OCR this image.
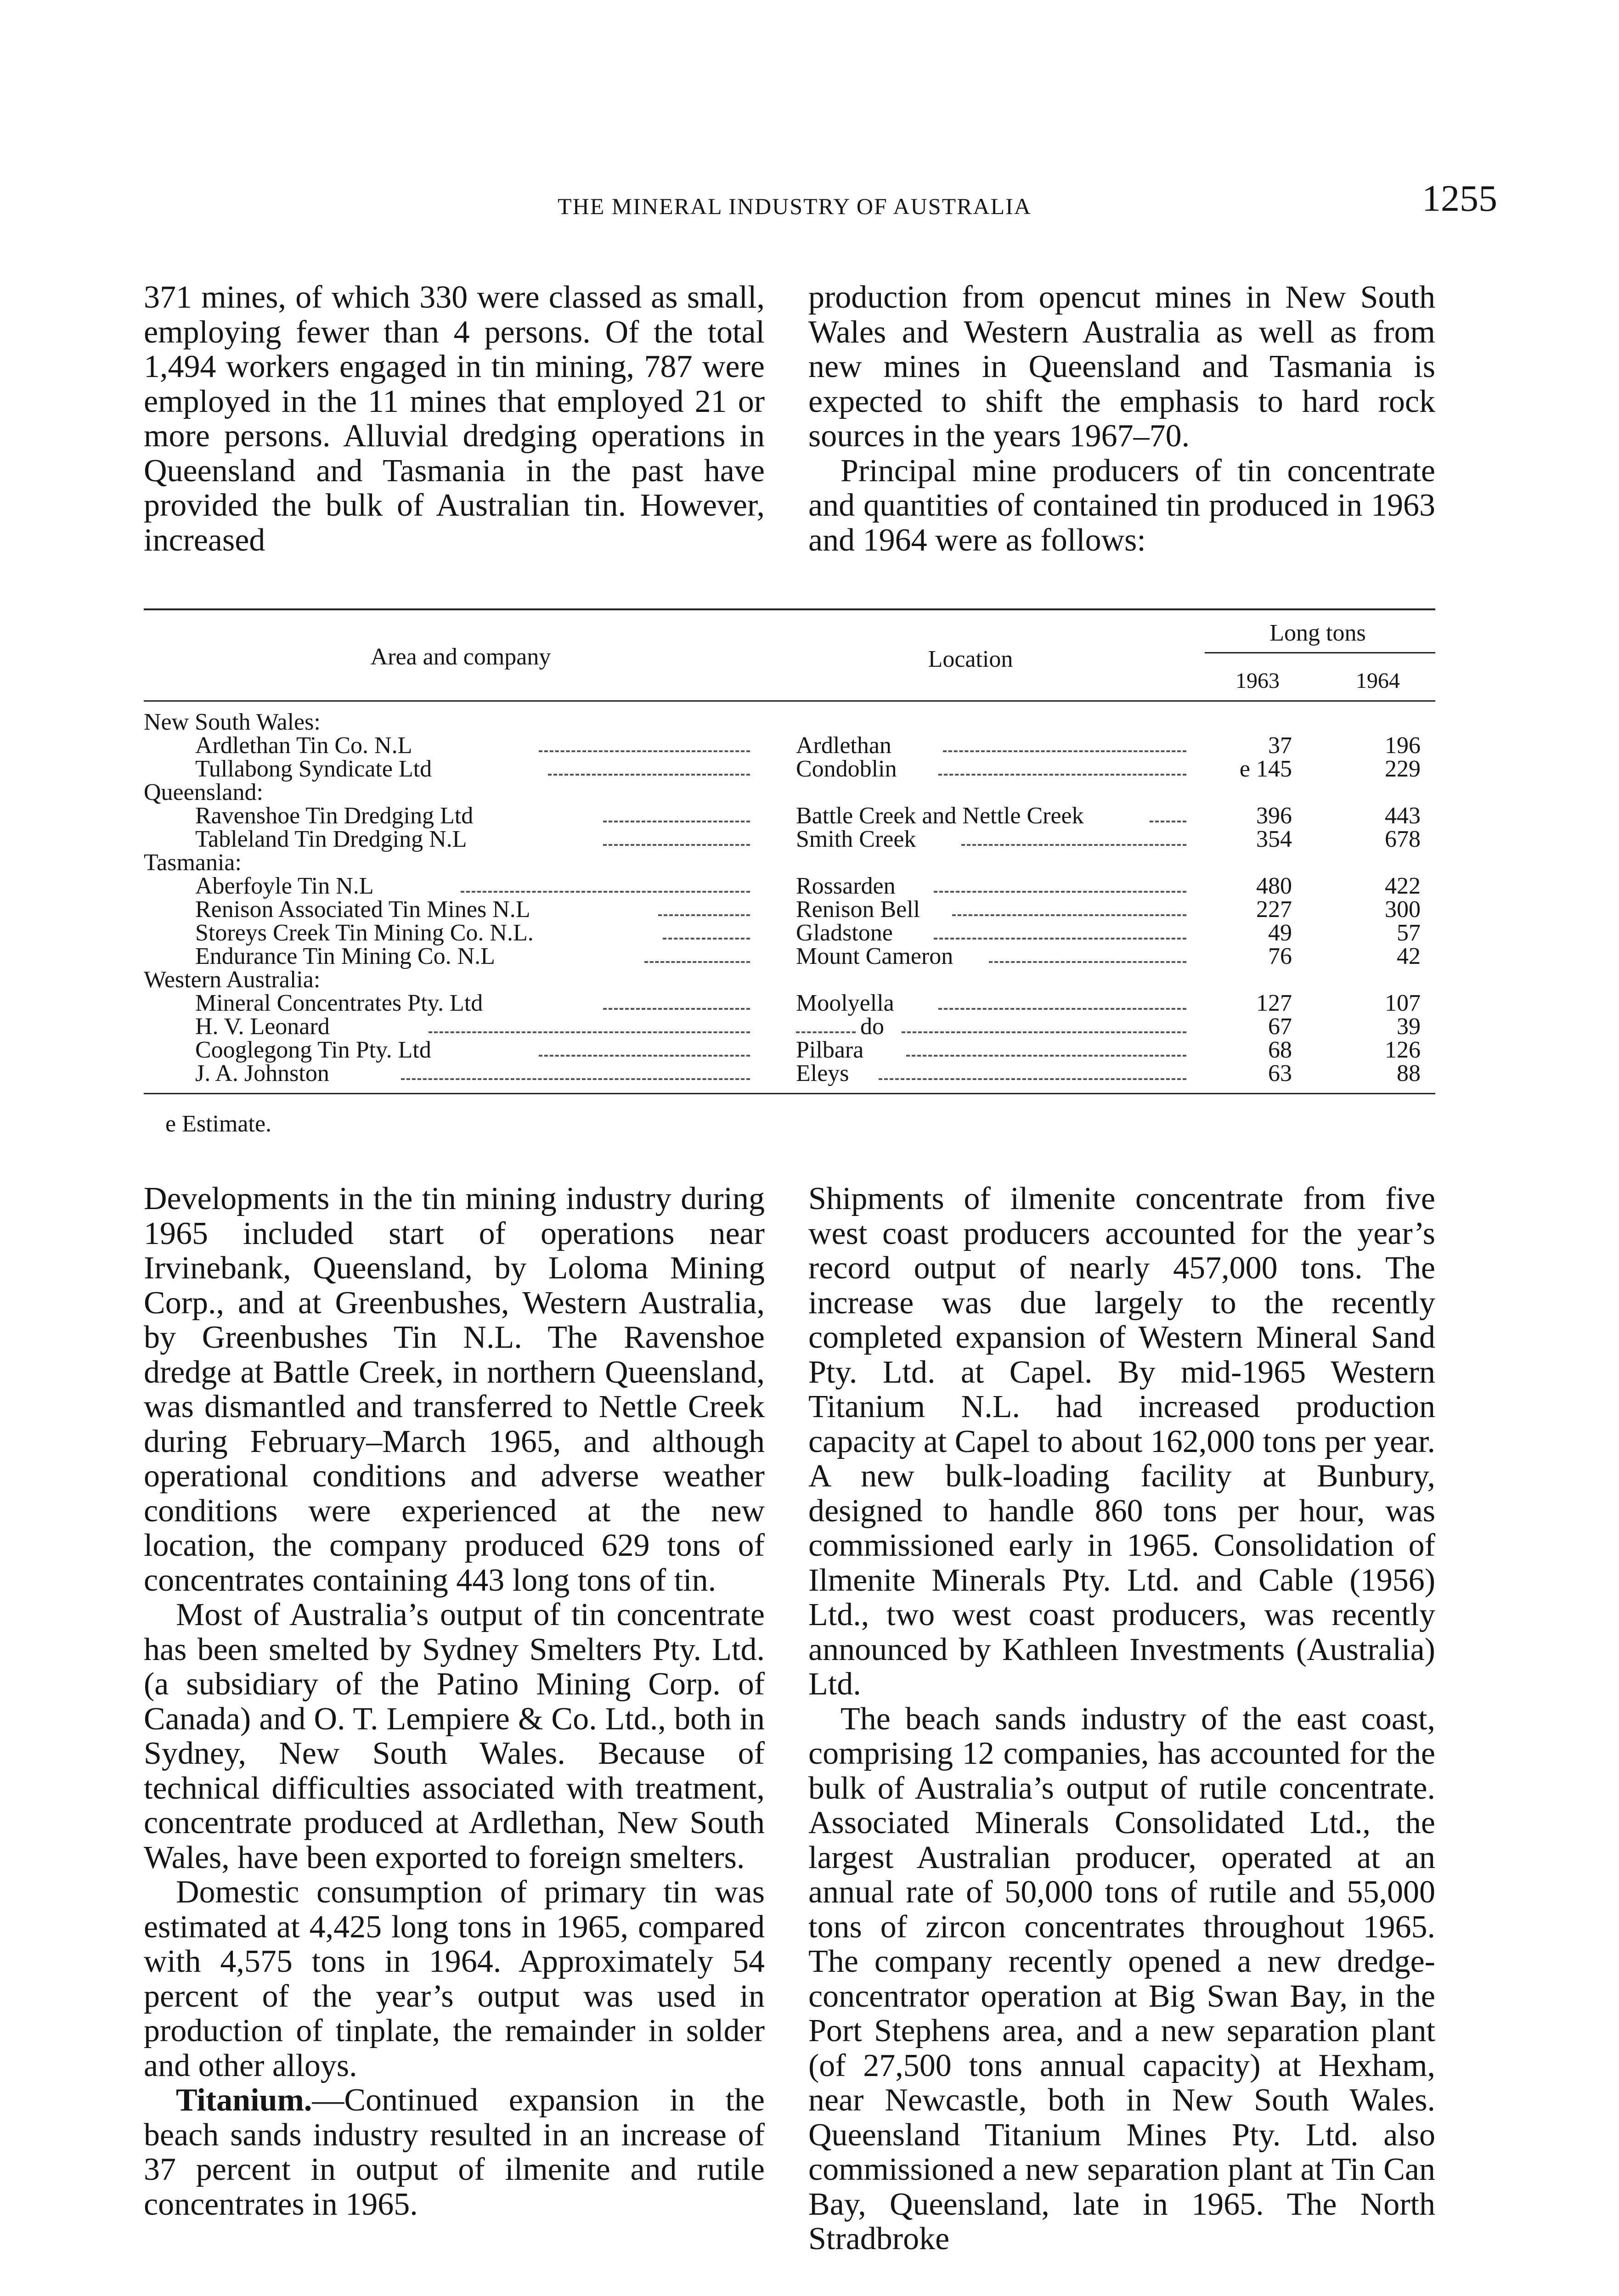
THE MINERAL INDUSTRY OF AUSTRALIA	1255

371 mines, of which 330 were classed as small, employing fewer than 4 persons. Of the total 1,494 workers engaged in tin mining, 787 were employed in the 11 mines that employed 21 or more persons. Alluvial dredging operations in Queensland and Tasmania in the past have provided the bulk of Australian tin. However, increased

production from opencut mines in New South Wales and Western Australia as well as from new mines in Queensland and Tasmania is expected to shift the emphasis to hard rock sources in the years 1967–70.

Principal mine producers of tin concentrate and quantities of contained tin produced in 1963 and 1964 were as follows:

Area and company	Location
Long tons
1963	1964
New South Wales:
Ardlethan Tin Co. N.L	Ardlethan	37	196
Tullabong Syndicate Ltd	Condoblin	e 145	229
Queensland:
Ravenshoe Tin Dredging Ltd	Battle Creek and Nettle Creek	396	443
Tableland Tin Dredging N.L	Smith Creek	354	678
Tasmania:
Aberfoyle Tin N.L	Rossarden	480	422
Renison Associated Tin Mines N.L	Renison Bell	227	300
Storeys Creek Tin Mining Co. N.L.	Gladstone	49	57
Endurance Tin Mining Co. N.L	Mount Cameron	76	42
Western Australia:
Mineral Concentrates Pty. Ltd	Moolyella	127	107
H. V. Leonard	do	67	39
Cooglegong Tin Pty. Ltd	Pilbara	68	126
J. A. Johnston	Eleys	63	88
e Estimate.

Developments in the tin mining industry during 1965 included start of operations near Irvinebank, Queensland, by Loloma Mining Corp., and at Greenbushes, Western Australia, by Greenbushes Tin N.L. The Ravenshoe dredge at Battle Creek, in northern Queensland, was dismantled and transferred to Nettle Creek during February–March 1965, and although operational conditions and adverse weather conditions were experienced at the new location, the company produced 629 tons of concentrates containing 443 long tons of tin.

Most of Australia’s output of tin concentrate has been smelted by Sydney Smelters Pty. Ltd. (a subsidiary of the Patino Mining Corp. of Canada) and O. T. Lempiere & Co. Ltd., both in Sydney, New South Wales. Because of technical difficulties associated with treatment, concentrate produced at Ardlethan, New South Wales, have been exported to foreign smelters.

Domestic consumption of primary tin was estimated at 4,425 long tons in 1965, compared with 4,575 tons in 1964. Approximately 54 percent of the year’s output was used in production of tinplate, the remainder in solder and other alloys.

Titanium.—Continued expansion in the beach sands industry resulted in an increase of 37 percent in output of ilmenite and rutile concentrates in 1965.

Shipments of ilmenite concentrate from five west coast producers accounted for the year’s record output of nearly 457,000 tons. The increase was due largely to the recently completed expansion of Western Mineral Sand Pty. Ltd. at Capel. By mid-1965 Western Titanium N.L. had increased production capacity at Capel to about 162,000 tons per year. A new bulk-loading facility at Bunbury, designed to handle 860 tons per hour, was commissioned early in 1965. Consolidation of Ilmenite Minerals Pty. Ltd. and Cable (1956) Ltd., two west coast producers, was recently announced by Kathleen Investments (Australia) Ltd.

The beach sands industry of the east coast, comprising 12 companies, has accounted for the bulk of Australia’s output of rutile concentrate. Associated Minerals Consolidated Ltd., the largest Australian producer, operated at an annual rate of 50,000 tons of rutile and 55,000 tons of zircon concentrates throughout 1965. The company recently opened a new dredge-concentrator operation at Big Swan Bay, in the Port Stephens area, and a new separation plant (of 27,500 tons annual capacity) at Hexham, near Newcastle, both in New South Wales. Queensland Titanium Mines Pty. Ltd. also commissioned a new separation plant at Tin Can Bay, Queensland, late in 1965. The North Stradbroke
